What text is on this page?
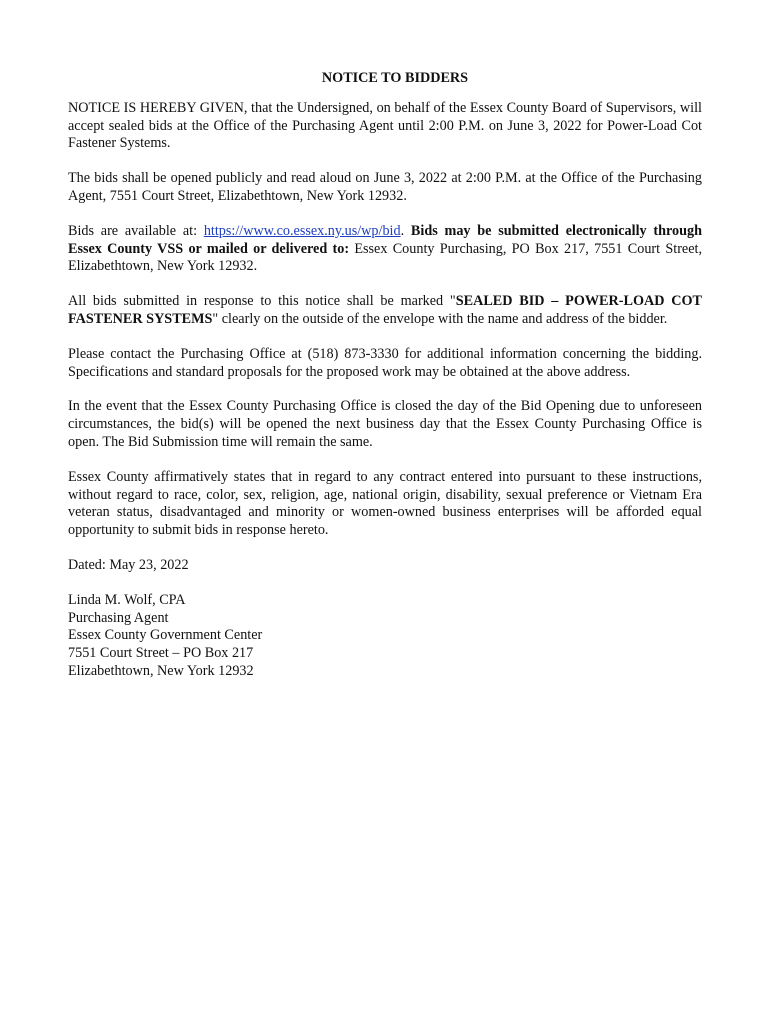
NOTICE TO BIDDERS

NOTICE IS HEREBY GIVEN, that the Undersigned, on behalf of the Essex County Board of Supervisors, will accept sealed bids at the Office of the Purchasing Agent until 2:00 P.M. on June 3, 2022 for Power-Load Cot Fastener Systems.

The bids shall be opened publicly and read aloud on June 3, 2022 at 2:00 P.M. at the Office of the Purchasing Agent, 7551 Court Street, Elizabethtown, New York 12932.

Bids are available at: https://www.co.essex.ny.us/wp/bid. Bids may be submitted electronically through Essex County VSS or mailed or delivered to: Essex County Purchasing, PO Box 217, 7551 Court Street, Elizabethtown, New York 12932.

All bids submitted in response to this notice shall be marked "SEALED BID – POWER-LOAD COT FASTENER SYSTEMS" clearly on the outside of the envelope with the name and address of the bidder.

Please contact the Purchasing Office at (518) 873-3330 for additional information concerning the bidding. Specifications and standard proposals for the proposed work may be obtained at the above address.

In the event that the Essex County Purchasing Office is closed the day of the Bid Opening due to unforeseen circumstances, the bid(s) will be opened the next business day that the Essex County Purchasing Office is open. The Bid Submission time will remain the same.

Essex County affirmatively states that in regard to any contract entered into pursuant to these instructions, without regard to race, color, sex, religion, age, national origin, disability, sexual preference or Vietnam Era veteran status, disadvantaged and minority or women-owned business enterprises will be afforded equal opportunity to submit bids in response hereto.

Dated: May 23, 2022

Linda M. Wolf, CPA
Purchasing Agent
Essex County Government Center
7551 Court Street – PO Box 217
Elizabethtown, New York 12932
